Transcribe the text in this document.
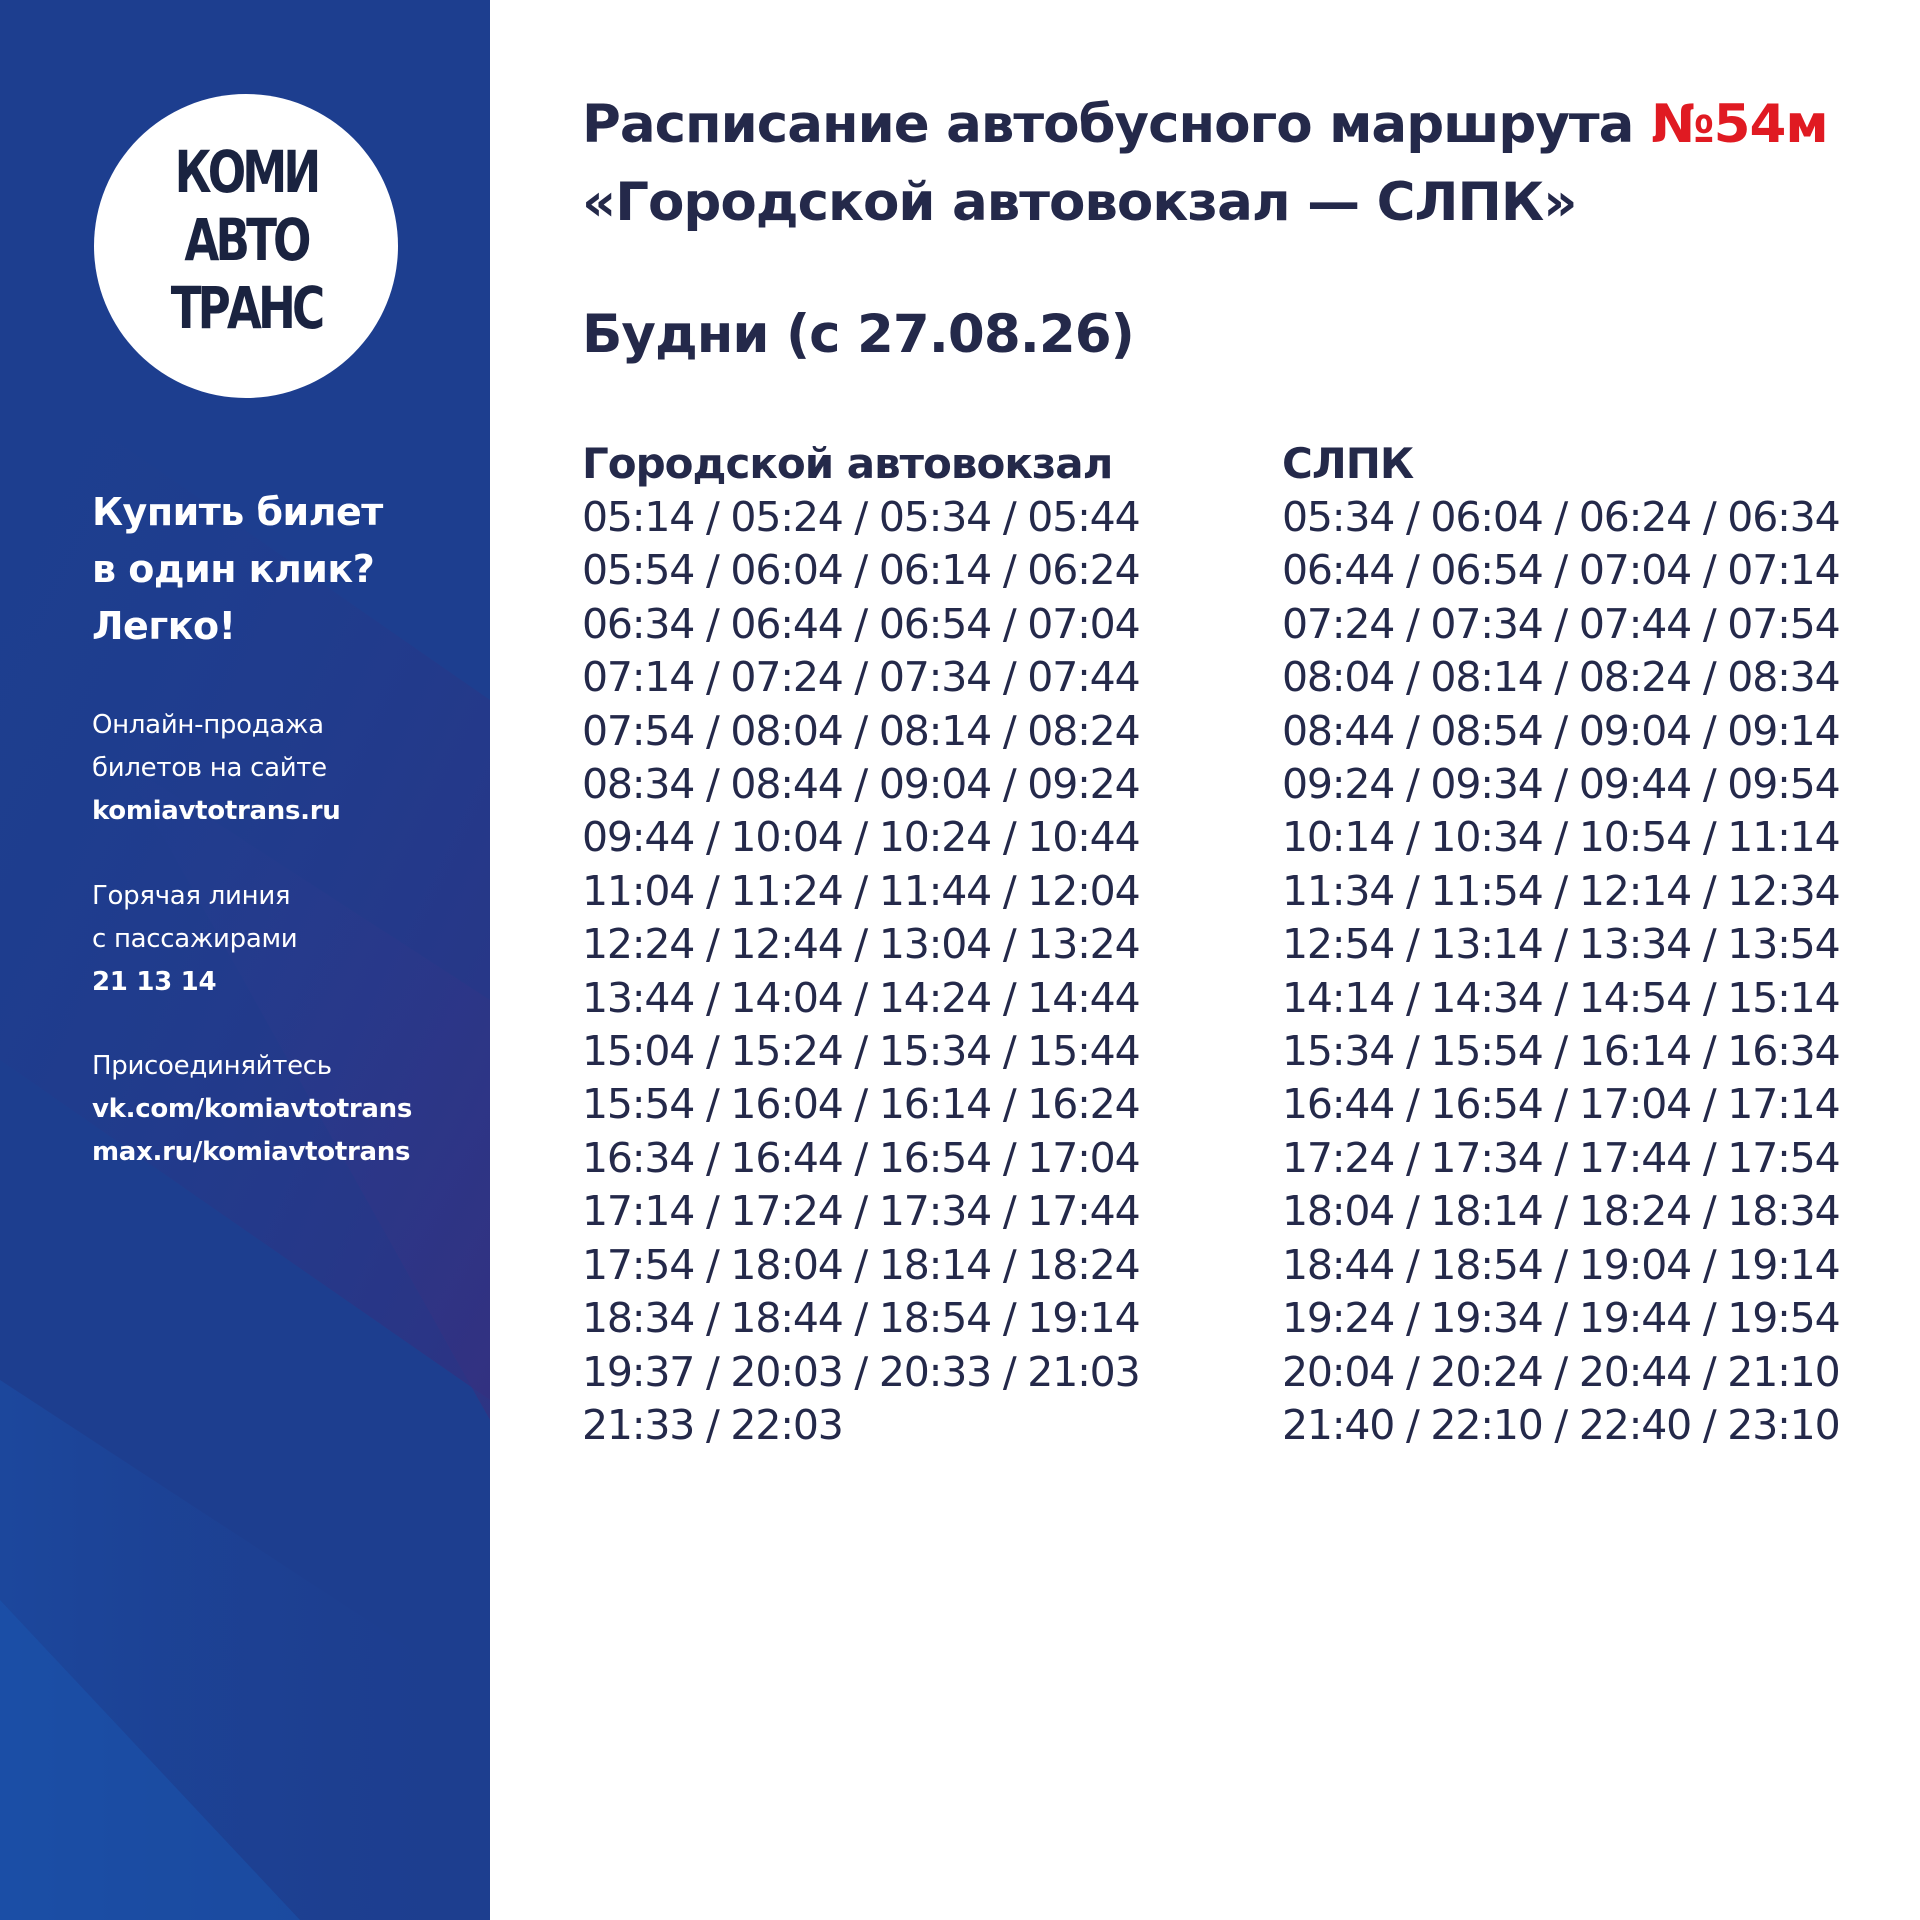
КОМИ
АВТО
ТРАНС
Купить билет
в один клик?
Легко!
Онлайн-продажа
билетов на сайте
komiavtotrans.ru
Горячая линия
с пассажирами
21 13 14
Присоединяйтесь
vk.com/komiavtotrans
max.ru/komiavtotrans
Расписание автобусного маршрута №54м
«Городской автовокзал — СЛПК»
Будни (с 27.08.26)
Городской автовокзал
05:14 / 05:24 / 05:34 / 05:44
05:54 / 06:04 / 06:14 / 06:24
06:34 / 06:44 / 06:54 / 07:04
07:14 / 07:24 / 07:34 / 07:44
07:54 / 08:04 / 08:14 / 08:24
08:34 / 08:44 / 09:04 / 09:24
09:44 / 10:04 / 10:24 / 10:44
11:04 / 11:24 / 11:44 / 12:04
12:24 / 12:44 / 13:04 / 13:24
13:44 / 14:04 / 14:24 / 14:44
15:04 / 15:24 / 15:34 / 15:44
15:54 / 16:04 / 16:14 / 16:24
16:34 / 16:44 / 16:54 / 17:04
17:14 / 17:24 / 17:34 / 17:44
17:54 / 18:04 / 18:14 / 18:24
18:34 / 18:44 / 18:54 / 19:14
19:37 / 20:03 / 20:33 / 21:03
21:33 / 22:03
СЛПК
05:34 / 06:04 / 06:24 / 06:34
06:44 / 06:54 / 07:04 / 07:14
07:24 / 07:34 / 07:44 / 07:54
08:04 / 08:14 / 08:24 / 08:34
08:44 / 08:54 / 09:04 / 09:14
09:24 / 09:34 / 09:44 / 09:54
10:14 / 10:34 / 10:54 / 11:14
11:34 / 11:54 / 12:14 / 12:34
12:54 / 13:14 / 13:34 / 13:54
14:14 / 14:34 / 14:54 / 15:14
15:34 / 15:54 / 16:14 / 16:34
16:44 / 16:54 / 17:04 / 17:14
17:24 / 17:34 / 17:44 / 17:54
18:04 / 18:14 / 18:24 / 18:34
18:44 / 18:54 / 19:04 / 19:14
19:24 / 19:34 / 19:44 / 19:54
20:04 / 20:24 / 20:44 / 21:10
21:40 / 22:10 / 22:40 / 23:10
